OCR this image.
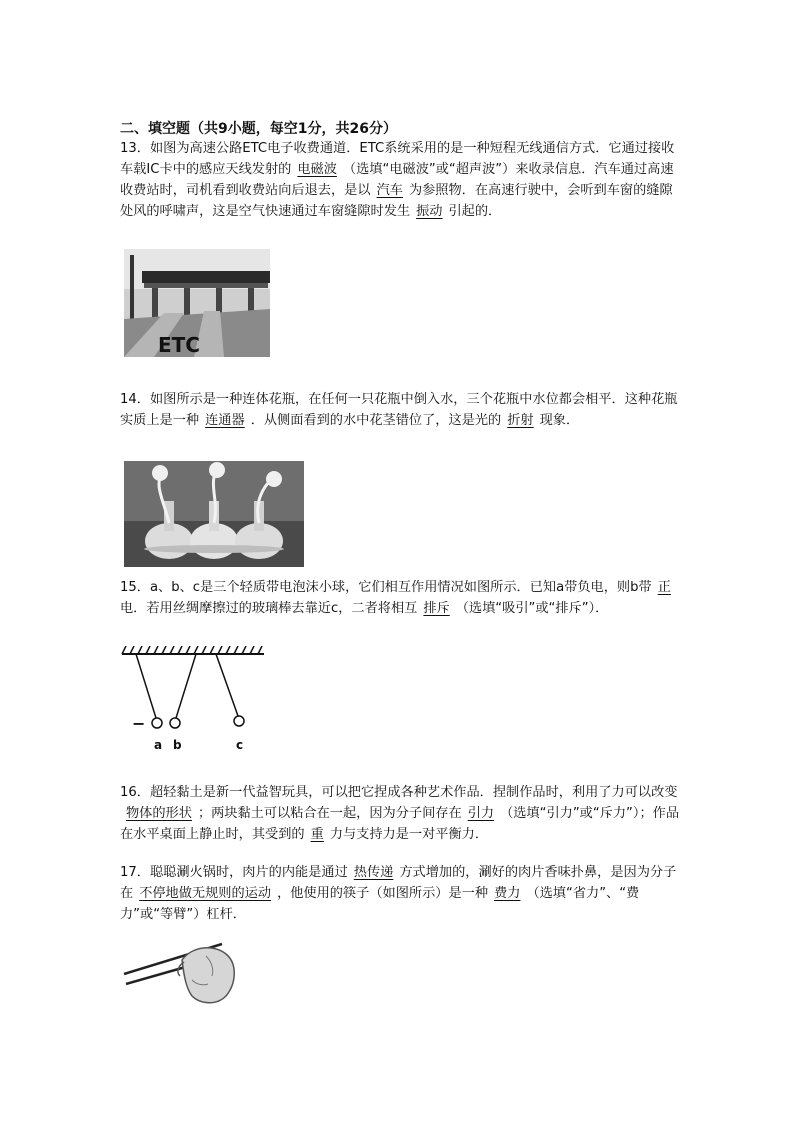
二、填空题（共9小题，每空1分，共26分）

13．如图为高速公路ETC电子收费通道．ETC系统采用的是一种短程无线通信方式．它通过接收车载IC卡中的感应天线发射的 电磁波 （选填“电磁波”或“超声波”）来收录信息．汽车通过高速收费站时，司机看到收费站向后退去，是以 汽车 为参照物．在高速行驶中，会听到车窗的缝隙处风的呼啸声，这是空气快速通过车窗缝隙时发生 振动 引起的．

ETC

14．如图所示是一种连体花瓶，在任何一只花瓶中倒入水，三个花瓶中水位都会相平．这种花瓶实质上是一种 连通器 ．从侧面看到的水中花茎错位了，这是光的 折射 现象．

15．a、b、c是三个轻质带电泡沫小球，它们相互作用情况如图所示．已知a带负电，则b带 正电．若用丝绸摩擦过的玻璃棒去靠近c，二者将相互 排斥 （选填“吸引”或“排斥”）．

−
a b	c

16．超轻黏土是新一代益智玩具，可以把它捏成各种艺术作品．捏制作品时，利用了力可以改变物体的形状 ；两块黏土可以粘合在一起，因为分子间存在 引力 （选填“引力”或“斥力”）；作品在水平桌面上静止时，其受到的 重 力与支持力是一对平衡力．

17．聪聪涮火锅时，肉片的内能是通过 热传递 方式增加的，涮好的肉片香味扑鼻，是因为分子在 不停地做无规则的运动 ，他使用的筷子（如图所示）是一种 费力 （选填“省力”、“费力”或“等臂”）杠杆．
